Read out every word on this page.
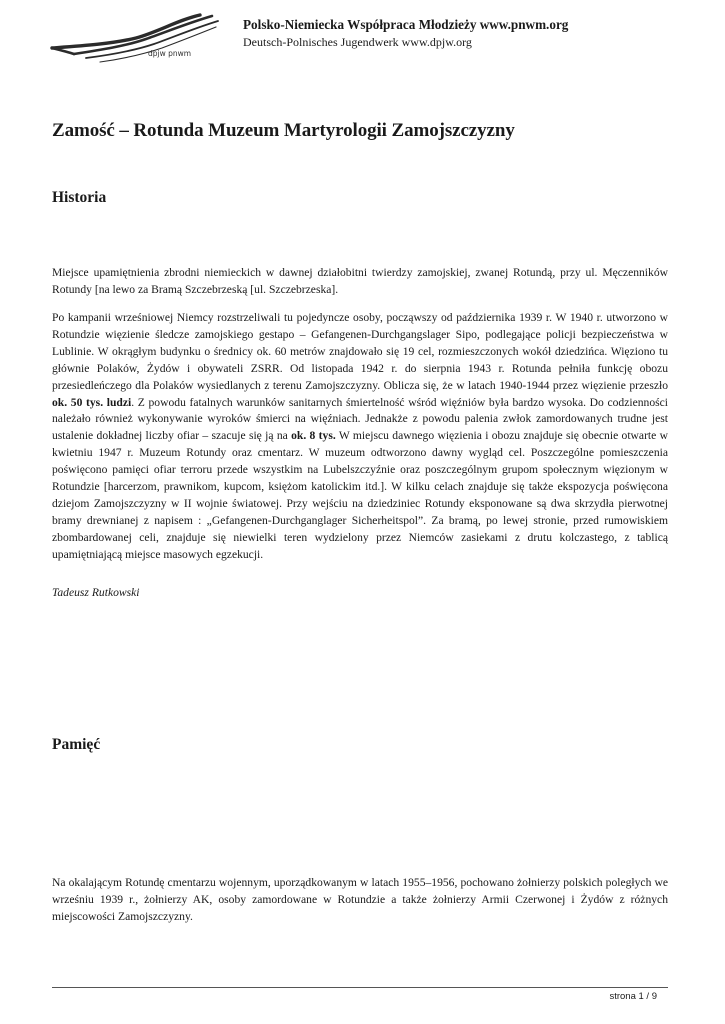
dpjw pnwm
Polsko-Niemiecka Współpraca Młodzieży www.pnwm.org
Deutsch-Polnisches Jugendwerk www.dpjw.org
Zamość – Rotunda Muzeum Martyrologii Zamojszczyzny
Historia

Miejsce upamiętnienia zbrodni niemieckich w dawnej działobitni twierdzy zamojskiej, zwanej Rotundą, przy ul. Męczenników Rotundy [na lewo za Bramą Szczebrzeską [ul. Szczebrzeska].

Po kampanii wrześniowej Niemcy rozstrzeliwali tu pojedyncze osoby, począwszy od października 1939 r. W 1940 r. utworzono w Rotundzie więzienie śledcze zamojskiego gestapo – Gefangenen-Durchgangslager Sipo, podlegające policji bezpieczeństwa w Lublinie. W okrągłym budynku o średnicy ok. 60 metrów znajdowało się 19 cel, rozmieszczonych wokół dziedzińca. Więziono tu głównie Polaków, Żydów i obywateli ZSRR. Od listopada 1942 r. do sierpnia 1943 r. Rotunda pełniła funkcję obozu przesiedleńczego dla Polaków wysiedlanych z terenu Zamojszczyzny. Oblicza się, że w latach 1940-1944 przez więzienie przeszło ok. 50 tys. ludzi. Z powodu fatalnych warunków sanitarnych śmiertelność wśród więźniów była bardzo wysoka. Do codzienności należało również wykonywanie wyroków śmierci na więźniach. Jednakże z powodu palenia zwłok zamordowanych trudne jest ustalenie dokładnej liczby ofiar – szacuje się ją na ok. 8 tys. W miejscu dawnego więzienia i obozu znajduje się obecnie otwarte w kwietniu 1947 r. Muzeum Rotundy oraz cmentarz. W muzeum odtworzono dawny wygląd cel. Poszczególne pomieszczenia poświęcono pamięci ofiar terroru przede wszystkim na Lubelszczyźnie oraz poszczególnym grupom społecznym więzionym w Rotundzie [harcerzom, prawnikom, kupcom, księżom katolickim itd.]. W kilku celach znajduje się także ekspozycja poświęcona dziejom Zamojszczyzny w II wojnie światowej. Przy wejściu na dziedziniec Rotundy eksponowane są dwa skrzydła pierwotnej bramy drewnianej z napisem : „Gefangenen-Durchganglager Sicherheitspol”. Za bramą, po lewej stronie, przed rumowiskiem zbombardowanej celi, znajduje się niewielki teren wydzielony przez Niemców zasiekami z drutu kolczastego, z tablicą upamiętniającą miejsce masowych egzekucji.

Tadeusz Rutkowski
Pamięć

Na okalającym Rotundę cmentarzu wojennym, uporządkowanym w latach 1955–1956, pochowano żołnierzy polskich poległych we wrześniu 1939 r., żołnierzy AK, osoby zamordowane w Rotundzie a także żołnierzy Armii Czerwonej i Żydów z różnych miejscowości Zamojszczyzny.

strona 1 / 9
